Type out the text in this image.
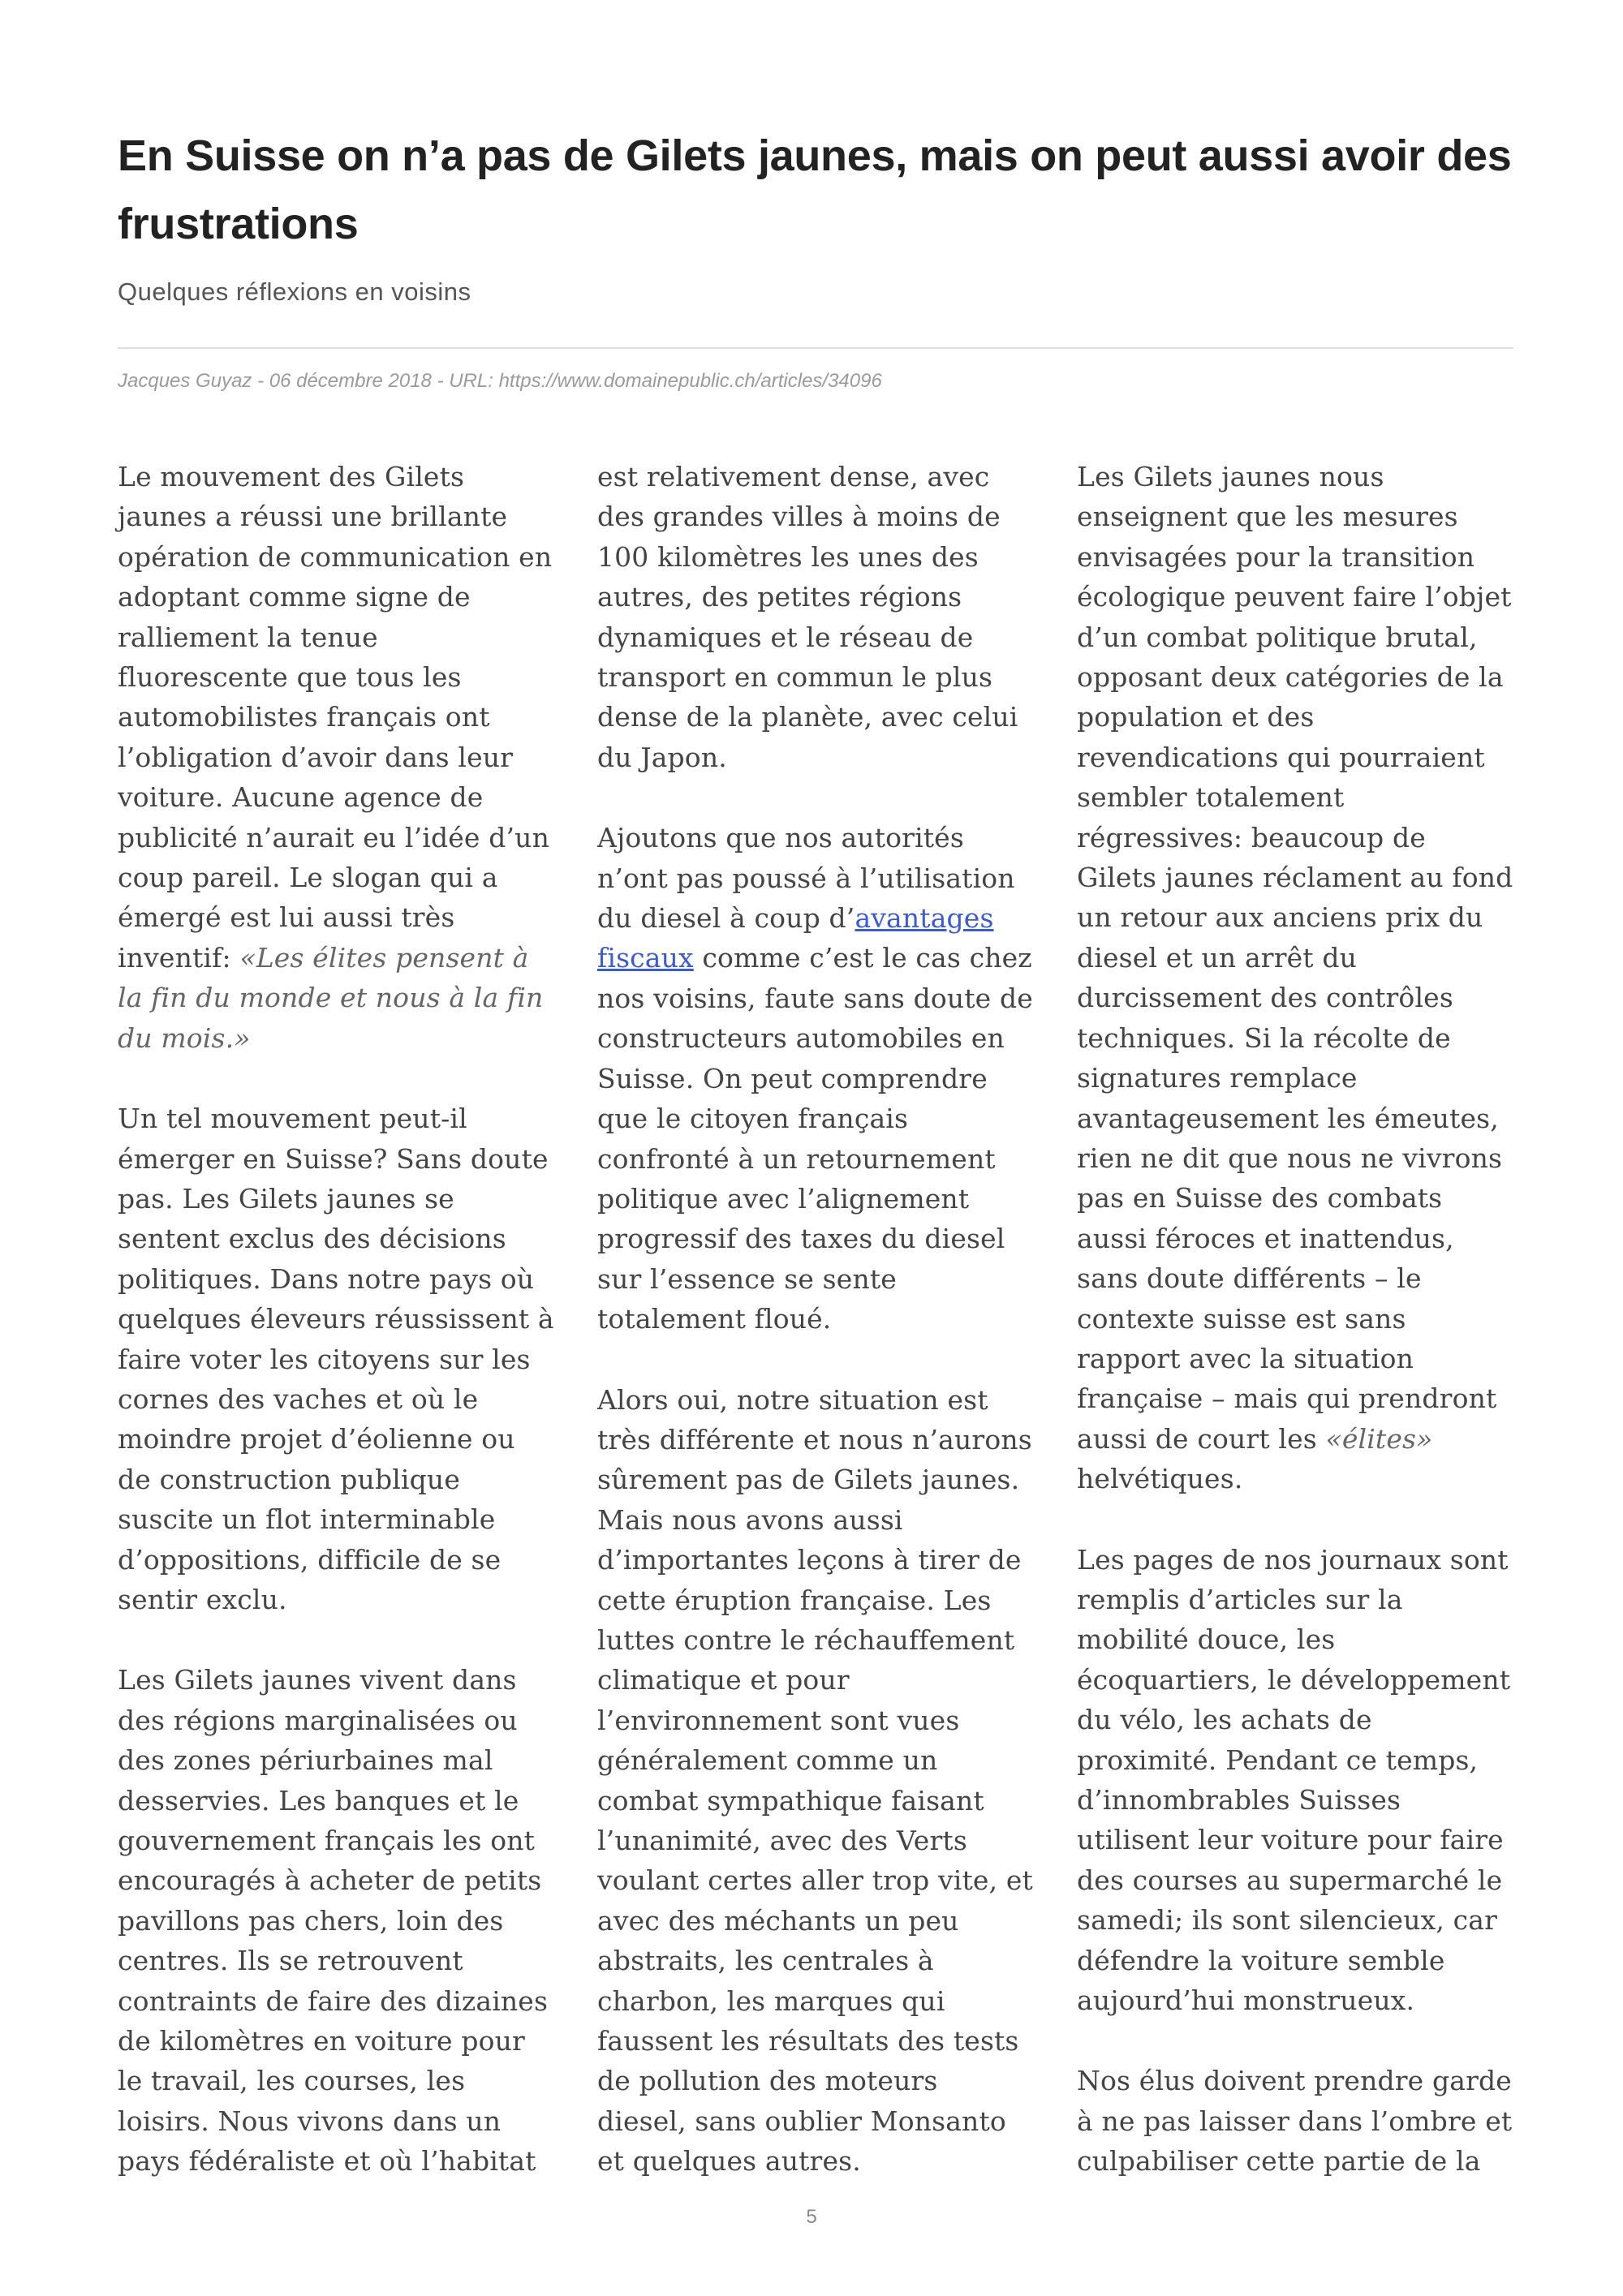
En Suisse on n’a pas de Gilets jaunes, mais on peut aussi avoir des frustrations
Quelques réflexions en voisins
Jacques Guyaz - 06 décembre 2018 - URL: https://www.domainepublic.ch/articles/34096

Le mouvement des Gilets jaunes a réussi une brillante opération de communication en adoptant comme signe de ralliement la tenue fluorescente que tous les automobilistes français ont l’obligation d’avoir dans leur voiture. Aucune agence de publicité n’aurait eu l’idée d’un coup pareil. Le slogan qui a émergé est lui aussi très inventif: «Les élites pensent à la fin du monde et nous à la fin du mois.»

Un tel mouvement peut-il émerger en Suisse? Sans doute pas. Les Gilets jaunes se sentent exclus des décisions politiques. Dans notre pays où quelques éleveurs réussissent à faire voter les citoyens sur les cornes des vaches et où le moindre projet d’éolienne ou de construction publique suscite un flot interminable d’oppositions, difficile de se sentir exclu.

Les Gilets jaunes vivent dans des régions marginalisées ou des zones périurbaines mal desservies. Les banques et le gouvernement français les ont encouragés à acheter de petits pavillons pas chers, loin des centres. Ils se retrouvent contraints de faire des dizaines de kilomètres en voiture pour le travail, les courses, les loisirs. Nous vivons dans un pays fédéraliste et où l’habitat

est relativement dense, avec des grandes villes à moins de 100 kilomètres les unes des autres, des petites régions dynamiques et le réseau de transport en commun le plus dense de la planète, avec celui du Japon.

Ajoutons que nos autorités n’ont pas poussé à l’utilisation du diesel à coup d’avantages fiscaux comme c’est le cas chez nos voisins, faute sans doute de constructeurs automobiles en Suisse. On peut comprendre que le citoyen français confronté à un retournement politique avec l’alignement progressif des taxes du diesel sur l’essence se sente totalement floué.

Alors oui, notre situation est très différente et nous n’aurons sûrement pas de Gilets jaunes. Mais nous avons aussi d’importantes leçons à tirer de cette éruption française. Les luttes contre le réchauffement climatique et pour l’environnement sont vues généralement comme un combat sympathique faisant l’unanimité, avec des Verts voulant certes aller trop vite, et avec des méchants un peu abstraits, les centrales à charbon, les marques qui faussent les résultats des tests de pollution des moteurs diesel, sans oublier Monsanto et quelques autres.

Les Gilets jaunes nous enseignent que les mesures envisagées pour la transition écologique peuvent faire l’objet d’un combat politique brutal, opposant deux catégories de la population et des revendications qui pourraient sembler totalement régressives: beaucoup de Gilets jaunes réclament au fond un retour aux anciens prix du diesel et un arrêt du durcissement des contrôles techniques. Si la récolte de signatures remplace avantageusement les émeutes, rien ne dit que nous ne vivrons pas en Suisse des combats aussi féroces et inattendus, sans doute différents – le contexte suisse est sans rapport avec la situation française – mais qui prendront aussi de court les «élites» helvétiques.

Les pages de nos journaux sont remplis d’articles sur la mobilité douce, les écoquartiers, le développement du vélo, les achats de proximité. Pendant ce temps, d’innombrables Suisses utilisent leur voiture pour faire des courses au supermarché le samedi; ils sont silencieux, car défendre la voiture semble aujourd’hui monstrueux.

Nos élus doivent prendre garde à ne pas laisser dans l’ombre et culpabiliser cette partie de la

5
